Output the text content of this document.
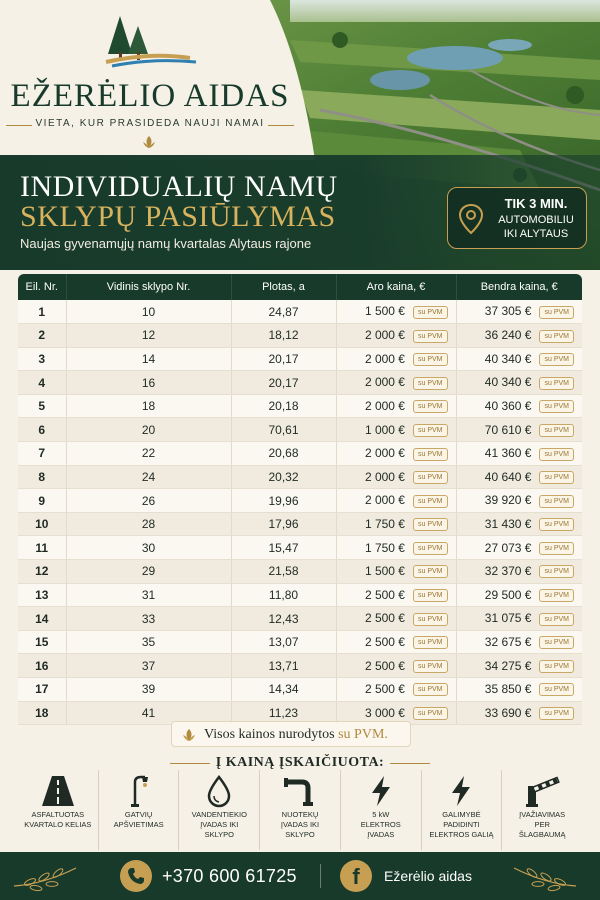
EŽERĖLIO AIDAS
VIETA, KUR PRASIDEDA NAUJI NAMAI
INDIVIDUALIŲ NAMŲ
SKLYPŲ PASIŪLYMAS
Naujas gyvenamųjų namų kvartalas Alytaus rajone
TIK 3 MIN.
AUTOMOBILIU
IKI ALYTAUS
Eil. Nr.	Vidinis sklypo Nr.	Plotas, a	Aro kaina, €	Bendra kaina, €
1	10	24,87	1 500 € su PVM	37 305 € su PVM
2	12	18,12	2 000 € su PVM	36 240 € su PVM
3	14	20,17	2 000 € su PVM	40 340 € su PVM
4	16	20,17	2 000 € su PVM	40 340 € su PVM
5	18	20,18	2 000 € su PVM	40 360 € su PVM
6	20	70,61	1 000 € su PVM	70 610 € su PVM
7	22	20,68	2 000 € su PVM	41 360 € su PVM
8	24	20,32	2 000 € su PVM	40 640 € su PVM
9	26	19,96	2 000 € su PVM	39 920 € su PVM
10	28	17,96	1 750 € su PVM	31 430 € su PVM
11	30	15,47	1 750 € su PVM	27 073 € su PVM
12	29	21,58	1 500 € su PVM	32 370 € su PVM
13	31	11,80	2 500 € su PVM	29 500 € su PVM
14	33	12,43	2 500 € su PVM	31 075 € su PVM
15	35	13,07	2 500 € su PVM	32 675 € su PVM
16	37	13,71	2 500 € su PVM	34 275 € su PVM
17	39	14,34	2 500 € su PVM	35 850 € su PVM
18	41	11,23	3 000 € su PVM	33 690 € su PVM
Visos kainos nurodytos su PVM.
Į KAINĄ ĮSKAIČIUOTA:
ASFALTUOTAS
KVARTALO KELIAS
GATVIŲ
APŠVIETIMAS
VANDENTIEKIO
ĮVADAS IKI
SKLYPO
NUOTEKŲ
ĮVADAS IKI
SKLYPO
5 kW
ELEKTROS
ĮVADAS
GALIMYBĖ
PADIDINTI
ELEKTROS GALIĄ
ĮVAŽIAVIMAS
PER
ŠLAGBAUMĄ
+370 600 61725	f	Ežerėlio aidas
